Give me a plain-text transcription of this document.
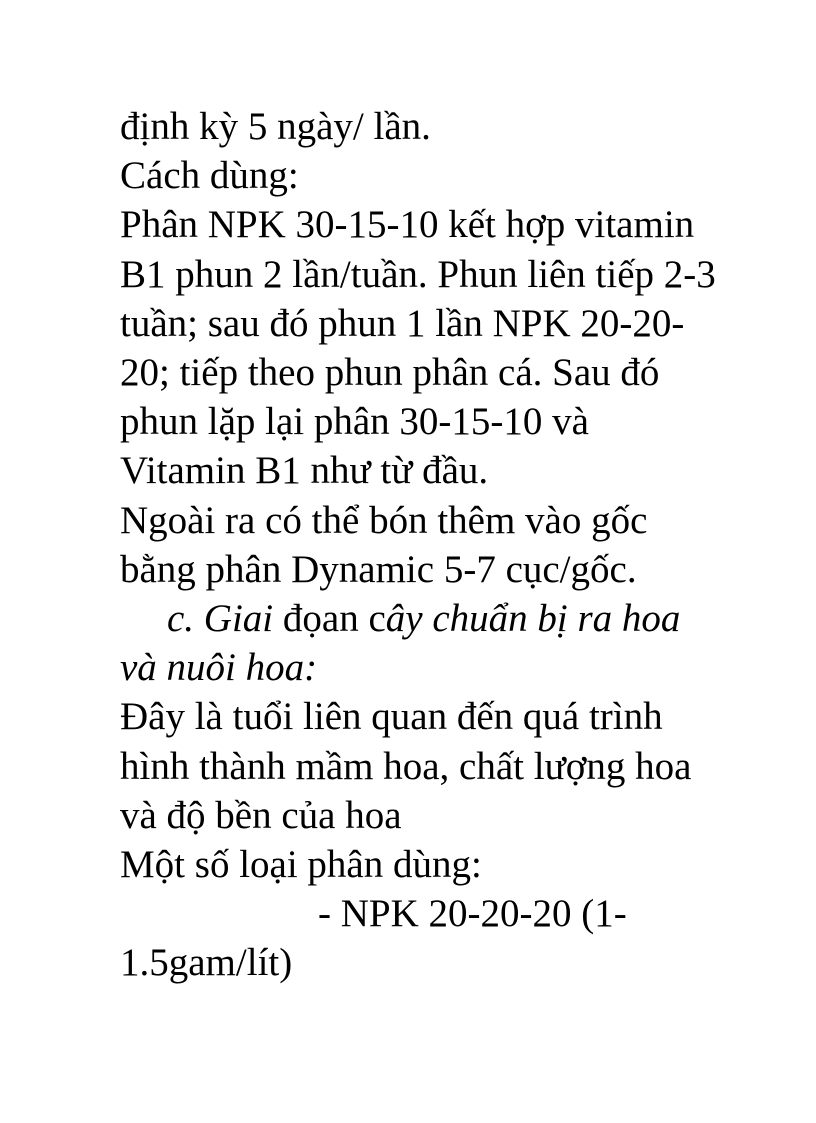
định kỳ 5 ngày/ lần.

Cách dùng:

Phân NPK 30-15-10 kết hợp vitamin

B1 phun 2 lần/tuần. Phun liên tiếp 2-3

tuần; sau đó phun 1 lần NPK 20-20-

20; tiếp theo phun phân cá. Sau đó

phun lặp lại phân 30-15-10 và

Vitamin B1 như từ đầu.

Ngoài ra có thể bón thêm vào gốc

bằng phân Dynamic 5-7 cục/gốc.

c. Giai đọan cây chuẩn bị ra hoa

và nuôi hoa:

Đây là tuổi liên quan đến quá trình

hình thành mầm hoa, chất lượng hoa

và độ bền của hoa

Một số loại phân dùng:

- NPK 20-20-20 (1-

1.5gam/lít)
